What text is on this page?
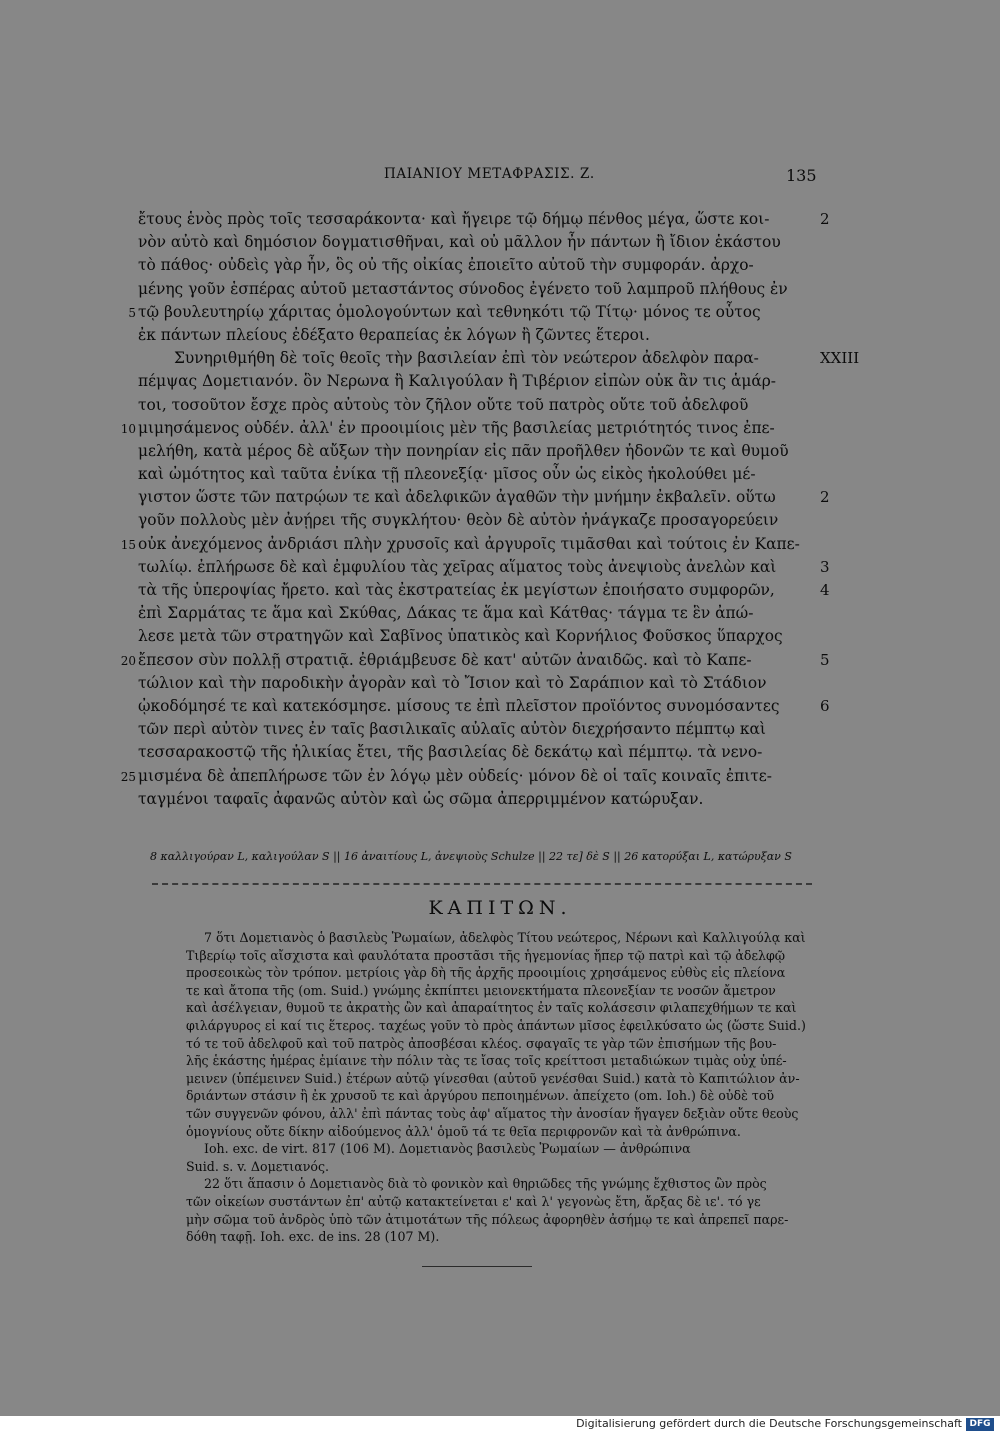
ΠΑΙΑΝΙΟΥ ΜΕΤΑΦΡΑΣΙΣ. Ζ.	135
ἔτους ἑνὸς πρὸς τοῖς τεσσαράκοντα· καὶ ἤγειρε τῷ δήμῳ πένθος μέγα, ὥστε κοι-	2
νὸν αὐτὸ καὶ δημόσιον δογματισθῆναι, καὶ οὐ μᾶλλον ἦν πάντων ἢ ἴδιον ἑκάστου
τὸ πάθος· οὐδεὶς γὰρ ἦν, ὃς οὐ τῆς οἰκίας ἐποιεῖτο αὐτοῦ τὴν συμφοράν. ἀρχο-
μένης γοῦν ἑσπέρας αὐτοῦ μεταστάντος σύνοδος ἐγένετο τοῦ λαμπροῦ πλήθους ἐν
5 τῷ βουλευτηρίῳ χάριτας ὁμολογούντων καὶ τεθνηκότι τῷ Τίτῳ· μόνος τε οὗτος
ἐκ πάντων πλείους ἐδέξατο θεραπείας ἐκ λόγων ἢ ζῶντες ἕτεροι.
Συνηριθμήθη δὲ τοῖς θεοῖς τὴν βασιλείαν ἐπὶ τὸν νεώτερον ἀδελφὸν παρα-	XXIII
πέμψας Δομετιανόν. ὃν Νερωνα ἢ Καλιγούλαν ἢ Τιβέριον εἰπὼν οὐκ ἂν τις ἁμάρ-
τοι, τοσοῦτον ἔσχε πρὸς αὐτοὺς τὸν ζῆλον οὔτε τοῦ πατρὸς οὔτε τοῦ ἀδελφοῦ
10 μιμησάμενος οὐδέν. ἀλλ' ἐν προοιμίοις μὲν τῆς βασιλείας μετριότητός τινος ἐπε-
μελήθη, κατὰ μέρος δὲ αὔξων τὴν πονηρίαν εἰς πᾶν προῆλθεν ἡδονῶν τε καὶ θυμοῦ
καὶ ὠμότητος καὶ ταῦτα ἐνίκα τῇ πλεονεξίᾳ· μῖσος οὖν ὡς εἰκὸς ἠκολούθει μέ-
γιστον ὥστε τῶν πατρῴων τε καὶ ἀδελφικῶν ἀγαθῶν τὴν μνήμην ἐκβαλεῖν. οὕτω	2
γοῦν πολλοὺς μὲν ἀνῄρει τῆς συγκλήτου· θεὸν δὲ αὐτὸν ἠνάγκαζε προσαγορεύειν
15 οὐκ ἀνεχόμενος ἀνδριάσι πλὴν χρυσοῖς καὶ ἀργυροῖς τιμᾶσθαι καὶ τούτοις ἐν Καπε-
τωλίῳ. ἐπλήρωσε δὲ καὶ ἐμφυλίου τὰς χεῖρας αἵματος τοὺς ἀνεψιοὺς ἀνελὼν καὶ	3
τὰ τῆς ὑπεροψίας ἤρετο. καὶ τὰς ἐκστρατείας ἐκ μεγίστων ἐποιήσατο συμφορῶν,	4
ἐπὶ Σαρμάτας τε ἅμα καὶ Σκύθας, Δάκας τε ἅμα καὶ Κάτθας· τάγμα τε ἓν ἀπώ-
λεσε μετὰ τῶν στρατηγῶν καὶ Σαβῖνος ὑπατικὸς καὶ Κορνήλιος Φοῦσκος ὕπαρχος
20 ἔπεσον σὺν πολλῇ στρατιᾷ. ἐθριάμβευσε δὲ κατ' αὐτῶν ἀναιδῶς. καὶ τὸ Καπε-	5
τώλιον καὶ τὴν παροδικὴν ἀγορὰν καὶ τὸ Ἴσιον καὶ τὸ Σαράπιον καὶ τὸ Στάδιον
ᾠκοδόμησέ τε καὶ κατεκόσμησε. μίσους τε ἐπὶ πλεῖστον προϊόντος συνομόσαντες	6
τῶν περὶ αὐτὸν τινες ἐν ταῖς βασιλικαῖς αὐλαῖς αὐτὸν διεχρήσαντο πέμπτῳ καὶ
τεσσαρακοστῷ τῆς ἡλικίας ἔτει, τῆς βασιλείας δὲ δεκάτῳ καὶ πέμπτῳ. τὰ νενο-
25 μισμένα δὲ ἀπεπλήρωσε τῶν ἐν λόγῳ μὲν οὐδείς· μόνον δὲ οἱ ταῖς κοιναῖς ἐπιτε-
ταγμένοι ταφαῖς ἀφανῶς αὐτὸν καὶ ὡς σῶμα ἀπερριμμένον κατώρυξαν.
8 καλλιγούραν L, καλιγούλαν S || 16 ἀναιτίους L, ἀνεψιοὺς Schulze || 22 τε] δὲ S || 26 κατορύξαι L, κατώρυξαν S
ΚΑΠΙΤΩΝ.
7 ὅτι Δομετιανὸς ὁ βασιλεὺς Ῥωμαίων, ἀδελφὸς Τίτου νεώτερος, Νέρωνι καὶ Καλλιγούλᾳ καὶ
Τιβερίῳ τοῖς αἴσχιστα καὶ φαυλότατα προστᾶσι τῆς ἡγεμονίας ἤπερ τῷ πατρὶ καὶ τῷ ἀδελφῷ
προσεοικὼς τὸν τρόπον. μετρίοις γὰρ δὴ τῆς ἀρχῆς προοιμίοις χρησάμενος εὐθὺς εἰς πλείονα
τε καὶ ἄτοπα τῆς (om. Suid.) γνώμης ἐκπίπτει μειονεκτήματα πλεονεξίαν τε νοσῶν ἄμετρον
καὶ ἀσέλγειαν, θυμοῦ τε ἀκρατὴς ὢν καὶ ἀπαραίτητος ἐν ταῖς κολάσεσιν φιλαπεχθήμων τε καὶ
φιλάργυρος εἰ καί τις ἕτερος. ταχέως γοῦν τὸ πρὸς ἁπάντων μῖσος ἐφειλκύσατο ὡς (ὥστε Suid.)
τό τε τοῦ ἀδελφοῦ καὶ τοῦ πατρὸς ἀποσβέσαι κλέος. σφαγαῖς τε γὰρ τῶν ἐπισήμων τῆς βου-
λῆς ἑκάστης ἡμέρας ἐμίαινε τὴν πόλιν τὰς τε ἴσας τοῖς κρείττοσι μεταδιώκων τιμὰς οὐχ ὑπέ-
μεινεν (ὑπέμεινεν Suid.) ἑτέρων αὐτῷ γίνεσθαι (αὐτοῦ γενέσθαι Suid.) κατὰ τὸ Καπιτώλιον ἀν-
δριάντων στάσιν ἢ ἐκ χρυσοῦ τε καὶ ἀργύρου πεποιημένων. ἀπείχετο (om. Ioh.) δὲ οὐδὲ τοῦ
τῶν συγγενῶν φόνου, ἀλλ' ἐπὶ πάντας τοὺς ἀφ' αἵματος τὴν ἀνοσίαν ἤγαγεν δεξιὰν οὔτε θεοὺς
ὁμογνίους οὔτε δίκην αἰδούμενος ἀλλ' ὁμοῦ τά τε θεῖα περιφρονῶν καὶ τὰ ἀνθρώπινα.
Ioh. exc. de virt. 817 (106 M). Δομετιανὸς βασιλεὺς Ῥωμαίων — ἀνθρώπινα
Suid. s. v. Δομετιανός.
22 ὅτι ἅπασιν ὁ Δομετιανὸς διὰ τὸ φονικὸν καὶ θηριῶδες τῆς γνώμης ἔχθιστος ὢν πρὸς
τῶν οἰκείων συστάντων ἐπ' αὐτῷ κατακτείνεται ε' καὶ λ' γεγονὼς ἔτη, ἄρξας δὲ ιε'. τό γε
μὴν σῶμα τοῦ ἀνδρὸς ὑπὸ τῶν ἀτιμοτάτων τῆς πόλεως ἀφορηθὲν ἀσήμῳ τε καὶ ἀπρεπεῖ παρε-
δόθη ταφῇ. Ioh. exc. de ins. 28 (107 M).
Digitalisierung gefördert durch die Deutsche Forschungsgemeinschaft DFG
